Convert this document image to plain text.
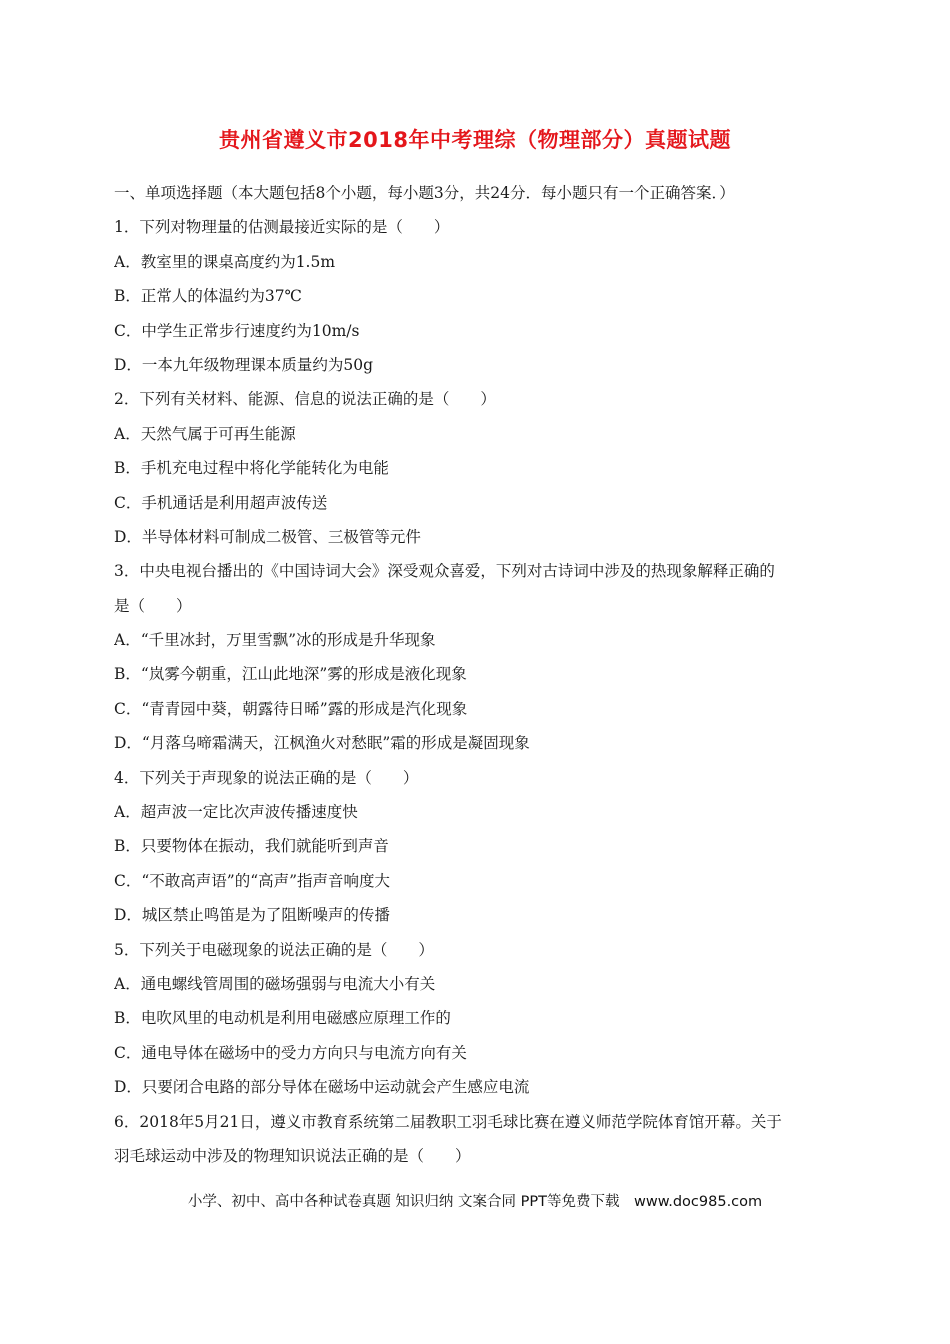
贵州省遵义市2018年中考理综（物理部分）真题试题
一、单项选择题（本大题包括8个小题，每小题3分，共24分．每小题只有一个正确答案．）
1．下列对物理量的估测最接近实际的是（　　）
A．教室里的课桌高度约为1.5m
B．正常人的体温约为37℃
C．中学生正常步行速度约为10m/s
D．一本九年级物理课本质量约为50g
2．下列有关材料、能源、信息的说法正确的是（　　）
A．天然气属于可再生能源
B．手机充电过程中将化学能转化为电能
C．手机通话是利用超声波传送
D．半导体材料可制成二极管、三极管等元件
3．中央电视台播出的《中国诗词大会》深受观众喜爱，下列对古诗词中涉及的热现象解释正确的
是（　　）
A．“千里冰封，万里雪飘”冰的形成是升华现象
B．“岚雾今朝重，江山此地深”雾的形成是液化现象
C．“青青园中葵，朝露待日晞”露的形成是汽化现象
D．“月落乌啼霜满天，江枫渔火对愁眠”霜的形成是凝固现象
4．下列关于声现象的说法正确的是（　　）
A．超声波一定比次声波传播速度快
B．只要物体在振动，我们就能听到声音
C．“不敢高声语”的“高声”指声音响度大
D．城区禁止鸣笛是为了阻断噪声的传播
5．下列关于电磁现象的说法正确的是（　　）
A．通电螺线管周围的磁场强弱与电流大小有关
B．电吹风里的电动机是利用电磁感应原理工作的
C．通电导体在磁场中的受力方向只与电流方向有关
D．只要闭合电路的部分导体在磁场中运动就会产生感应电流
6．2018年5月21日，遵义市教育系统第二届教职工羽毛球比赛在遵义师范学院体育馆开幕。关于
羽毛球运动中涉及的物理知识说法正确的是（　　）
小学、初中、高中各种试卷真题 知识归纳 文案合同 PPT等免费下载　www.doc985.com
